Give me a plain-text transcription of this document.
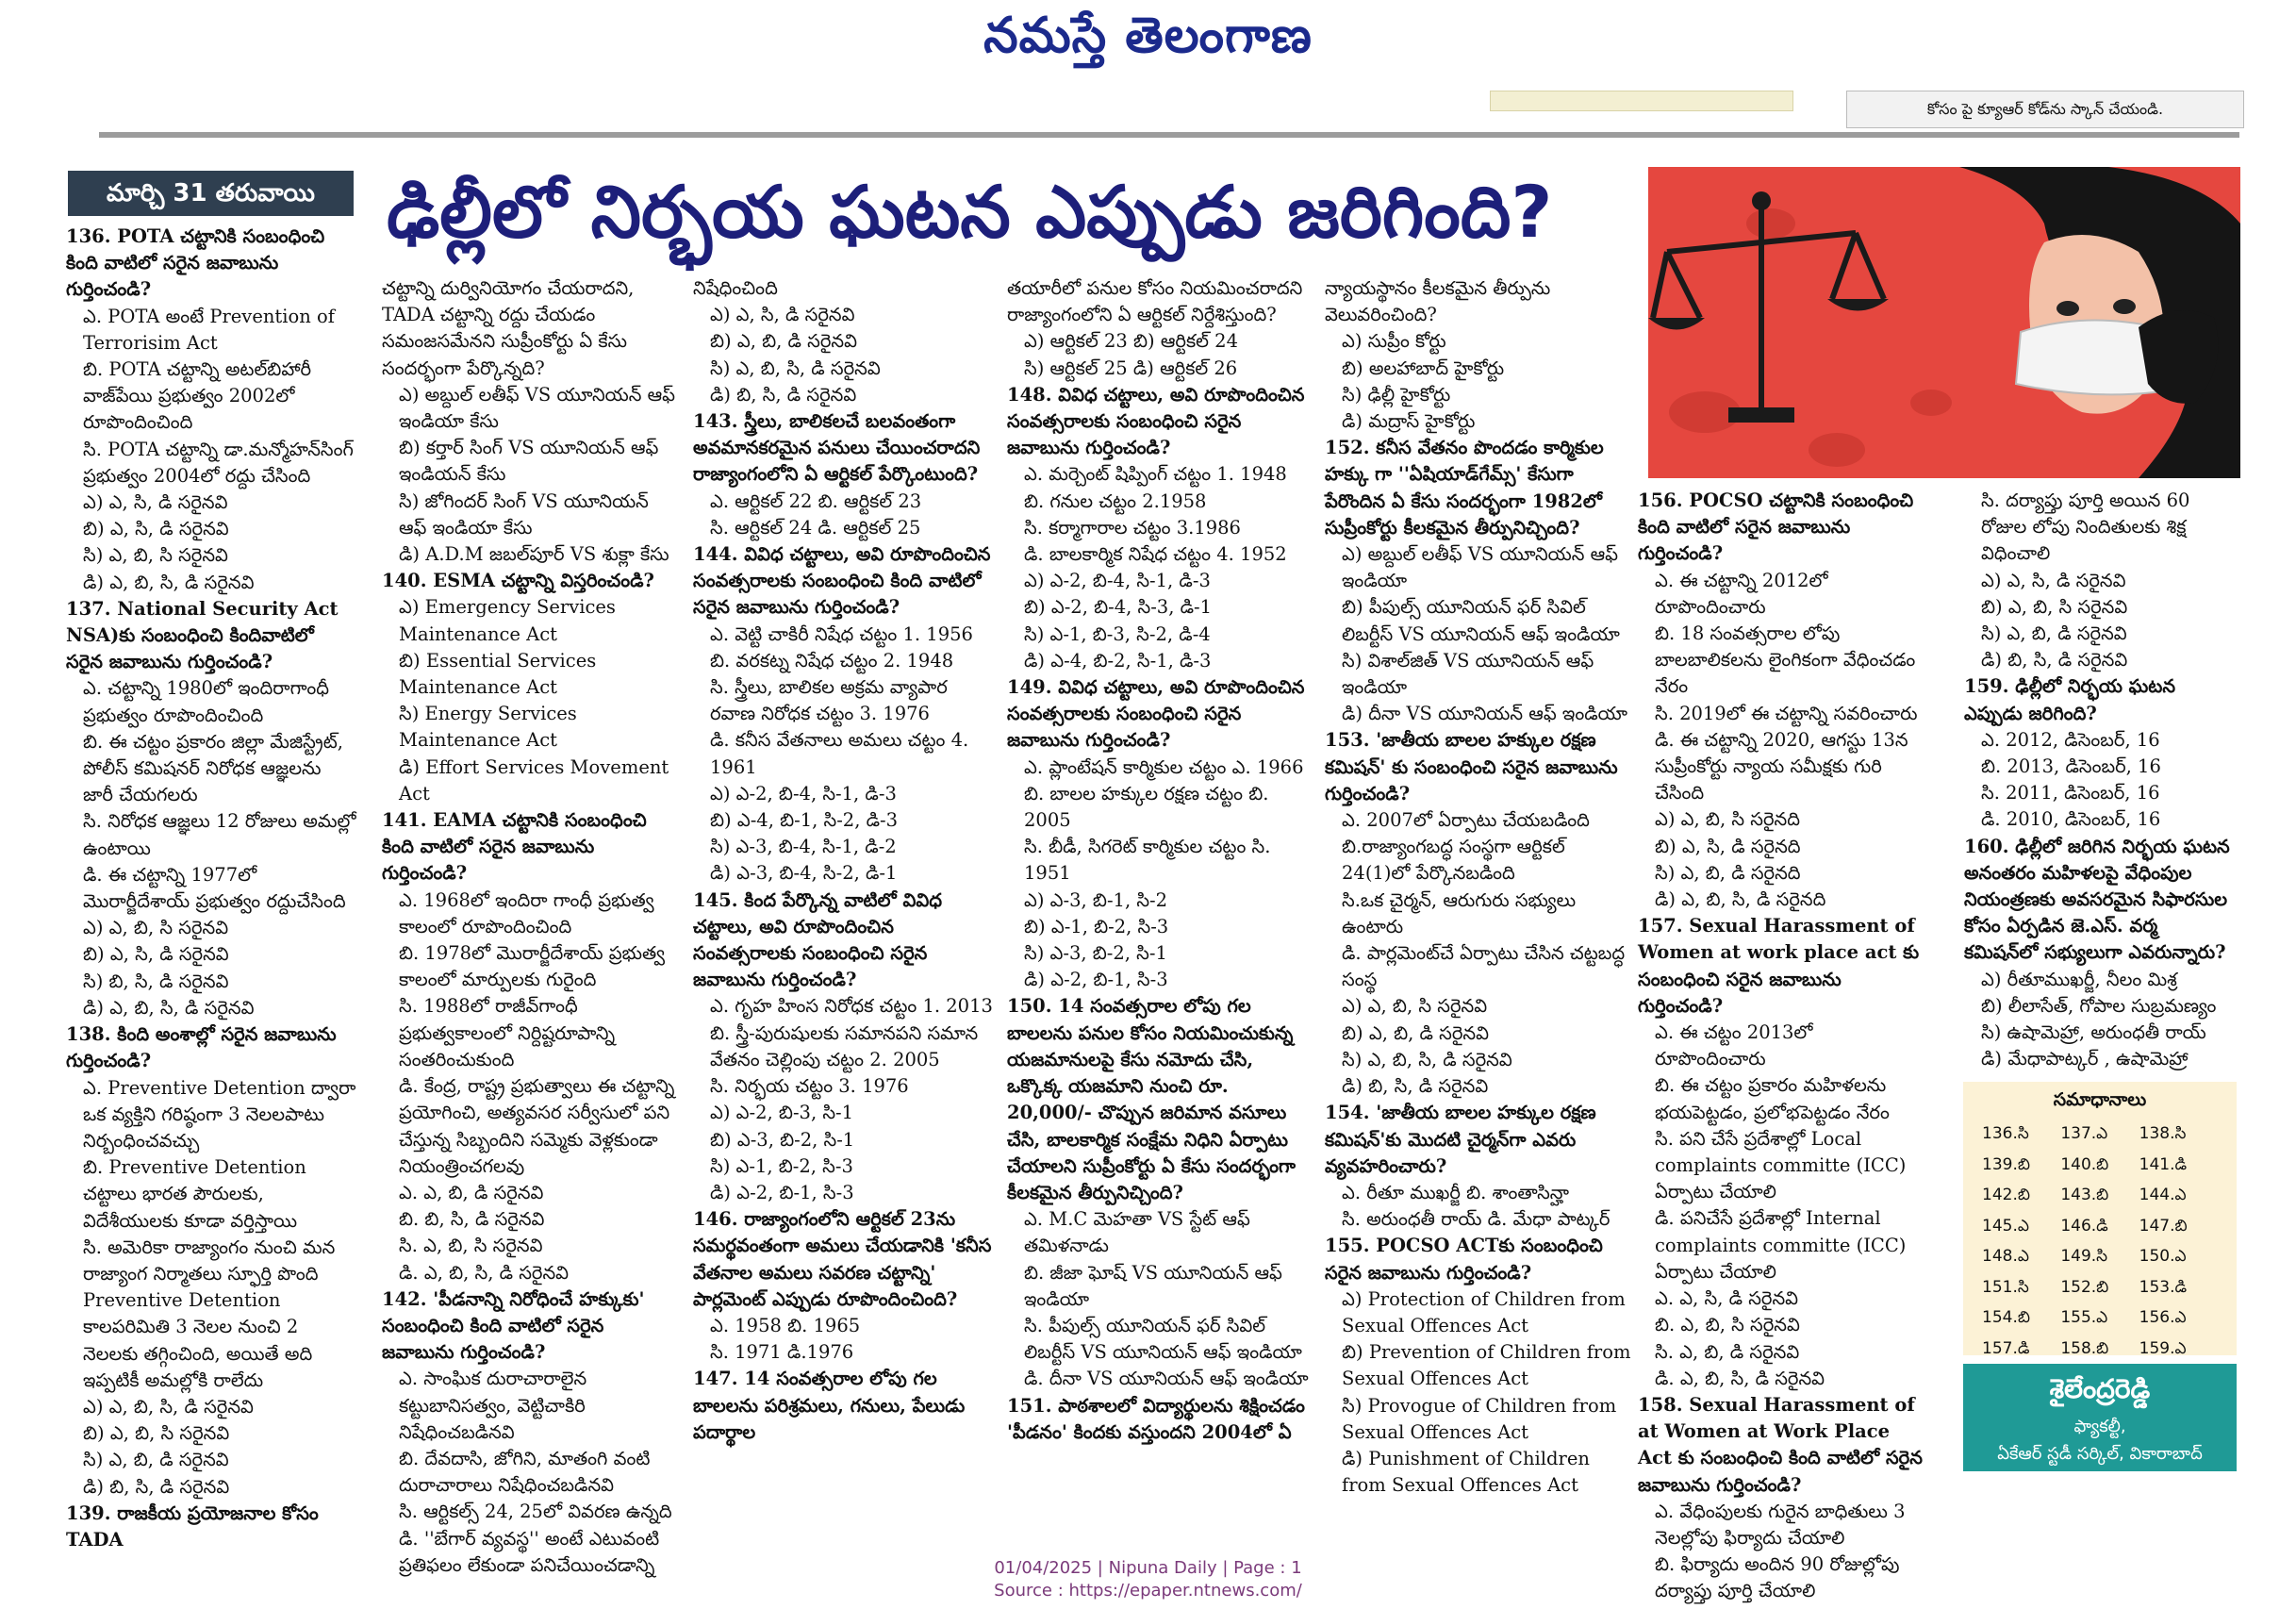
నమస్తే తెలంగాణ
కోసం పై క్యూఆర్ కోడ్‌ను స్కాన్ చేయండి.
మార్చి 31 తరువాయి	ఢిల్లీలో నిర్భయ ఘటన ఎప్పుడు జరిగింది?

136. POTA చట్టానికి సంబంధించి కింది వాటిలో సరైన జవాబును గుర్తించండి?

ఎ. POTA అంటే Prevention of Terrorisim Act

బి. POTA చట్టాన్ని అటల్‌బిహారీ వాజ్‌పేయి ప్రభుత్వం 2002లో రూపొందించింది

సి. POTA చట్టాన్ని డా.మన్మోహన్‌సింగ్ ప్రభుత్వం 2004లో రద్దు చేసింది

ఎ) ఎ, సి, డి సరైనవి

బి) ఎ, సి, డి సరైనవి

సి) ఎ, బి, సి సరైనవి

డి) ఎ, బి, సి, డి సరైనవి

137. National Security Act NSA)కు సంబంధించి కిందివాటిలో సరైన జవాబును గుర్తించండి?

ఎ. చట్టాన్ని 1980లో ఇందిరాగాంధీ ప్రభుత్వం రూపొందించింది

బి. ఈ చట్టం ప్రకారం జిల్లా మేజిస్ట్రేట్, పోలీస్ కమిషనర్ నిరోధక ఆజ్ఞలను జారీ చేయగలరు

సి. నిరోధక ఆజ్ఞలు 12 రోజులు అమల్లో ఉంటాయి

డి. ఈ చట్టాన్ని 1977లో మొరార్జీదేశాయ్ ప్రభుత్వం రద్దుచేసింది

ఎ) ఎ, బి, సి సరైనవి

బి) ఎ, సి, డి సరైనవి

సి) బి, సి, డి సరైనవి

డి) ఎ, బి, సి, డి సరైనవి

138. కింది అంశాల్లో సరైన జవాబును గుర్తించండి?

ఎ. Preventive Detention ద్వారా ఒక వ్యక్తిని గరిష్ఠంగా 3 నెలలపాటు నిర్బంధించవచ్చు

బి. Preventive Detention చట్టాలు భారత పౌరులకు, విదేశీయులకు కూడా వర్తిస్తాయి

సి. అమెరికా రాజ్యాంగం నుంచి మన రాజ్యాంగ నిర్మాతలు స్ఫూర్తి పొంది Preventive Detention కాలపరిమితి 3 నెలల నుంచి 2 నెలలకు తగ్గించింది, అయితే అది ఇప్పటికీ అమల్లోకి రాలేదు

ఎ) ఎ, బి, సి, డి సరైనవి

బి) ఎ, బి, సి సరైనవి

సి) ఎ, బి, డి సరైనవి

డి) బి, సి, డి సరైనవి

139. రాజకీయ ప్రయోజనాల కోసం TADA

చట్టాన్ని దుర్వినియోగం చేయరాదని, TADA చట్టాన్ని రద్దు చేయడం సమంజసమేనని సుప్రీంకోర్టు ఏ కేసు సందర్భంగా పేర్కొన్నది?

ఎ) అబ్దుల్ లతీఫ్ VS యూనియన్ ఆఫ్ ఇండియా కేసు

బి) కర్తార్ సింగ్ VS యూనియన్ ఆఫ్ ఇండియన్ కేసు

సి) జోగిందర్ సింగ్ VS యూనియన్ ఆఫ్ ఇండియా కేసు

డి) A.D.M జబల్‌పూర్ VS శుక్లా కేసు

140. ESMA చట్టాన్ని విస్తరించండి?

ఎ) Emergency Services Maintenance Act

బి) Essential Services Maintenance Act

సి) Energy Services Maintenance Act

డి) Effort Services Movement Act

141. EAMA చట్టానికి సంబంధించి కింది వాటిలో సరైన జవాబును గుర్తించండి?

ఎ. 1968లో ఇందిరా గాంధీ ప్రభుత్వ కాలంలో రూపొందించింది

బి. 1978లో మొరార్జీదేశాయ్ ప్రభుత్వ కాలంలో మార్పులకు గురైంది

సి. 1988లో రాజీవ్‌గాంధీ ప్రభుత్వకాలంలో నిర్దిష్టరూపాన్ని సంతరించుకుంది

డి. కేంద్ర, రాష్ట్ర ప్రభుత్వాలు ఈ చట్టాన్ని ప్రయోగించి, అత్యవసర సర్వీసులో పని చేస్తున్న సిబ్బందిని సమ్మెకు వెళ్లకుండా నియంత్రించగలవు

ఎ. ఎ, బి, డి సరైనవి

బి. బి, సి, డి సరైనవి

సి. ఎ, బి, సి సరైనవి

డి. ఎ, బి, సి, డి సరైనవి

142. 'పీడనాన్ని నిరోధించే హక్కుకు' సంబంధించి కింది వాటిలో సరైన జవాబును గుర్తించండి?

ఎ. సాంఘిక దురాచారాలైన కట్టుబానిసత్వం, వెట్టిచాకిరి నిషేధించబడినవి

బి. దేవదాసి, జోగిని, మాతంగి వంటి దురాచారాలు నిషేధించబడినవి

సి. ఆర్టికల్స్ 24, 25లో వివరణ ఉన్నది

డి. ''బేగార్ వ్యవస్థ'' అంటే ఎటువంటి ప్రతిఫలం లేకుండా పనిచేయించడాన్ని

నిషేధించింది

ఎ) ఎ, సి, డి సరైనవి

బి) ఎ, బి, డి సరైనవి

సి) ఎ, బి, సి, డి సరైనవి

డి) బి, సి, డి సరైనవి

143. స్త్రీలు, బాలికలచే బలవంతంగా అవమానకరమైన పనులు చేయించరాదని రాజ్యాంగంలోని ఏ ఆర్టికల్ పేర్కొంటుంది?

ఎ. ఆర్టికల్ 22 బి. ఆర్టికల్ 23

సి. ఆర్టికల్ 24 డి. ఆర్టికల్ 25

144. వివిధ చట్టాలు, అవి రూపొందించిన సంవత్సరాలకు సంబంధించి కింది వాటిలో సరైన జవాబును గుర్తించండి?

ఎ. వెట్టి చాకిరీ నిషేధ చట్టం 1. 1956

బి. వరకట్న నిషేధ చట్టం 2. 1948

సి. స్త్రీలు, బాలికల అక్రమ వ్యాపార రవాణ నిరోధక చట్టం 3. 1976

డి. కనీస వేతనాలు అమలు చట్టం 4. 1961

ఎ) ఎ-2, బి-4, సి-1, డి-3

బి) ఎ-4, బి-1, సి-2, డి-3

సి) ఎ-3, బి-4, సి-1, డి-2

డి) ఎ-3, బి-4, సి-2, డి-1

145. కింద పేర్కొన్న వాటిలో వివిధ చట్టాలు, అవి రూపొందించిన సంవత్సరాలకు సంబంధించి సరైన జవాబును గుర్తించండి?

ఎ. గృహ హింస నిరోధక చట్టం 1. 2013

బి. స్త్రీ-పురుషులకు సమానపని సమాన వేతనం చెల్లింపు చట్టం 2. 2005

సి. నిర్భయ చట్టం 3. 1976

ఎ) ఎ-2, బి-3, సి-1

బి) ఎ-3, బి-2, సి-1

సి) ఎ-1, బి-2, సి-3

డి) ఎ-2, బి-1, సి-3

146. రాజ్యాంగంలోని ఆర్టికల్ 23ను సమర్థవంతంగా అమలు చేయడానికి 'కనీస వేతనాల అమలు సవరణ చట్టాన్ని' పార్లమెంట్ ఎప్పుడు రూపొందించింది?

ఎ. 1958 బి. 1965

సి. 1971 డి.1976

147. 14 సంవత్సరాల లోపు గల బాలలను పరిశ్రమలు, గనులు, పేలుడు పదార్థాల

తయారీలో పనుల కోసం నియమించరాదని రాజ్యాంగంలోని ఏ ఆర్టికల్ నిర్దేశిస్తుంది?

ఎ) ఆర్టికల్ 23 బి) ఆర్టికల్ 24

సి) ఆర్టికల్ 25 డి) ఆర్టికల్ 26

148. వివిధ చట్టాలు, అవి రూపొందించిన సంవత్సరాలకు సంబంధించి సరైన జవాబును గుర్తించండి?

ఎ. మర్చెంట్ షిప్పింగ్ చట్టం 1. 1948

బి. గనుల చట్టం 2.1958

సి. కర్మాగారాల చట్టం 3.1986

డి. బాలకార్మిక నిషేధ చట్టం 4. 1952

ఎ) ఎ-2, బి-4, సి-1, డి-3

బి) ఎ-2, బి-4, సి-3, డి-1

సి) ఎ-1, బి-3, సి-2, డి-4

డి) ఎ-4, బి-2, సి-1, డి-3

149. వివిధ చట్టాలు, అవి రూపొందించిన సంవత్సరాలకు సంబంధించి సరైన జవాబును గుర్తించండి?

ఎ. ప్లాంటేషన్ కార్మికుల చట్టం ఎ. 1966

బి. బాలల హక్కుల రక్షణ చట్టం బి. 2005

సి. బీడీ, సిగరెట్ కార్మికుల చట్టం సి. 1951

ఎ) ఎ-3, బి-1, సి-2

బి) ఎ-1, బి-2, సి-3

సి) ఎ-3, బి-2, సి-1

డి) ఎ-2, బి-1, సి-3

150. 14 సంవత్సరాల లోపు గల బాలలను పనుల కోసం నియమించుకున్న యజమానులపై కేసు నమోదు చేసి, ఒక్కొక్క యజమాని నుంచి రూ. 20,000/- చొప్పున జరిమాన వసూలు చేసి, బాలకార్మిక సంక్షేమ నిధిని ఏర్పాటు చేయాలని సుప్రీంకోర్టు ఏ కేసు సందర్భంగా కీలకమైన తీర్పునిచ్చింది?

ఎ. M.C మెహతా VS స్టేట్ ఆఫ్ తమిళనాడు

బి. జీజా ఘోష్ VS యూనియన్ ఆఫ్ ఇండియా

సి. పీపుల్స్ యూనియన్ ఫర్ సివిల్ లిబర్టీస్ VS యూనియన్ ఆఫ్ ఇండియా

డి. దీనా VS యూనియన్ ఆఫ్ ఇండియా

151. పాఠశాలలో విద్యార్థులను శిక్షించడం 'పీడనం' కిందకు వస్తుందని 2004లో ఏ

న్యాయస్థానం కీలకమైన తీర్పును వెలువరించింది?

ఎ) సుప్రీం కోర్టు

బి) అలహాబాద్ హైకోర్టు

సి) ఢిల్లీ హైకోర్టు

డి) మద్రాస్ హైకోర్టు

152. కనీస వేతనం పొందడం కార్మికుల హక్కు గా ''ఏషియాడ్‌గేమ్స్' కేసుగా పేరొందిన ఏ కేసు సందర్భంగా 1982లో సుప్రీంకోర్టు కీలకమైన తీర్పునిచ్చింది?

ఎ) అబ్దుల్ లతీఫ్ VS యూనియన్ ఆఫ్ ఇండియా

బి) పీపుల్స్ యూనియన్ ఫర్ సివిల్ లిబర్టీస్ VS యూనియన్ ఆఫ్ ఇండియా

సి) విశాల్‌జిత్ VS యూనియన్ ఆఫ్ ఇండియా

డి) దీనా VS యూనియన్ ఆఫ్ ఇండియా

153. 'జాతీయ బాలల హక్కుల రక్షణ కమిషన్' కు సంబంధించి సరైన జవాబును గుర్తించండి?

ఎ. 2007లో ఏర్పాటు చేయబడింది

బి.రాజ్యాంగబద్ధ సంస్థగా ఆర్టికల్ 24(1)లో పేర్కొనబడింది

సి.ఒక చైర్మన్, ఆరుగురు సభ్యులు ఉంటారు

డి. పార్లమెంట్‌చే ఏర్పాటు చేసిన చట్టబద్ధ సంస్థ

ఎ) ఎ, బి, సి సరైనవి

బి) ఎ, బి, డి సరైనవి

సి) ఎ, బి, సి, డి సరైనవి

డి) బి, సి, డి సరైనవి

154. 'జాతీయ బాలల హక్కుల రక్షణ కమిషన్'కు మొదటి చైర్మన్‌గా ఎవరు వ్యవహరించారు?

ఎ. రీతూ ముఖర్జీ బి. శాంతాసిన్హా

సి. అరుంధతీ రాయ్ డి. మేధా పాట్కర్

155. POCSO ACTకు సంబంధించి సరైన జవాబును గుర్తించండి?

ఎ) Protection of Children from Sexual Offences Act

బి) Prevention of Children from Sexual Offences Act

సి) Provogue of Children from Sexual Offences Act

డి) Punishment of Children from Sexual Offences Act

156. POCSO చట్టానికి సంబంధించి కింది వాటిలో సరైన జవాబును గుర్తించండి?

ఎ. ఈ చట్టాన్ని 2012లో రూపొందించారు

బి. 18 సంవత్సరాల లోపు బాలబాలికలను లైంగికంగా వేధించడం నేరం

సి. 2019లో ఈ చట్టాన్ని సవరించారు

డి. ఈ చట్టాన్ని 2020, ఆగస్టు 13న సుప్రీంకోర్టు న్యాయ సమీక్షకు గురి చేసింది

ఎ) ఎ, బి, సి సరైనది

బి) ఎ, సి, డి సరైనది

సి) ఎ, బి, డి సరైనది

డి) ఎ, బి, సి, డి సరైనది

157. Sexual Harassment of Women at work place act కు సంబంధించి సరైన జవాబును గుర్తించండి?

ఎ. ఈ చట్టం 2013లో రూపొందించారు

బి. ఈ చట్టం ప్రకారం మహిళలను భయపెట్టడం, ప్రలోభపెట్టడం నేరం

సి. పని చేసే ప్రదేశాల్లో Local complaints committe (ICC) ఏర్పాటు చేయాలి

డి. పనిచేసే ప్రదేశాల్లో Internal complaints committe (ICC) ఏర్పాటు చేయాలి

ఎ. ఎ, సి, డి సరైనవి

బి. ఎ, బి, సి సరైనవి

సి. ఎ, బి, డి సరైనవి

డి. ఎ, బి, సి, డి సరైనవి

158. Sexual Harassment of at Women at Work Place Act కు సంబంధించి కింది వాటిలో సరైన జవాబును గుర్తించండి?

ఎ. వేధింపులకు గురైన బాధితులు 3 నెలల్లోపు ఫిర్యాదు చేయాలి

బి. ఫిర్యాదు అందిన 90 రోజుల్లోపు దర్యాప్తు పూర్తి చేయాలి

సి. దర్యాప్తు పూర్తి అయిన 60 రోజుల లోపు నిందితులకు శిక్ష విధించాలి

ఎ) ఎ, సి, డి సరైనవి

బి) ఎ, బి, సి సరైనవి

సి) ఎ, బి, డి సరైనవి

డి) బి, సి, డి సరైనవి

159. ఢిల్లీలో నిర్భయ ఘటన ఎప్పుడు జరిగింది?

ఎ. 2012, డిసెంబర్, 16

బి. 2013, డిసెంబర్, 16

సి. 2011, డిసెంబర్, 16

డి. 2010, డిసెంబర్, 16

160. ఢిల్లీలో జరిగిన నిర్భయ ఘటన అనంతరం మహిళలపై వేధింపుల నియంత్రణకు అవసరమైన సిఫారసుల కోసం ఏర్పడిన జె.ఎస్. వర్మ కమిషన్‌లో సభ్యులుగా ఎవరున్నారు?

ఎ) రీతూముఖర్జీ, నీలం మిశ్ర

బి) లీలాసేత్, గోపాల సుబ్రమణ్యం

సి) ఉషామెహ్రా, అరుంధతీ రాయ్

డి) మేధాపాట్కర్ , ఉషామెహ్రా

సమాధానాలు
136.సి	137.ఎ	138.సి
139.బి	140.బి	141.డి
142.బి	143.బి	144.ఎ
145.ఎ	146.డి	147.బి
148.ఎ	149.సి	150.ఎ
151.సి	152.బి	153.డి
154.బి	155.ఎ	156.ఎ
157.డి	158.బి	159.ఎ
శైలేంద్రరెడ్డి
ఫ్యాకల్టీ,
ఏకేఆర్ స్టడీ సర్కిల్, వికారాబాద్
01/04/2025 | Nipuna Daily | Page : 1
Source : https://epaper.ntnews.com/
